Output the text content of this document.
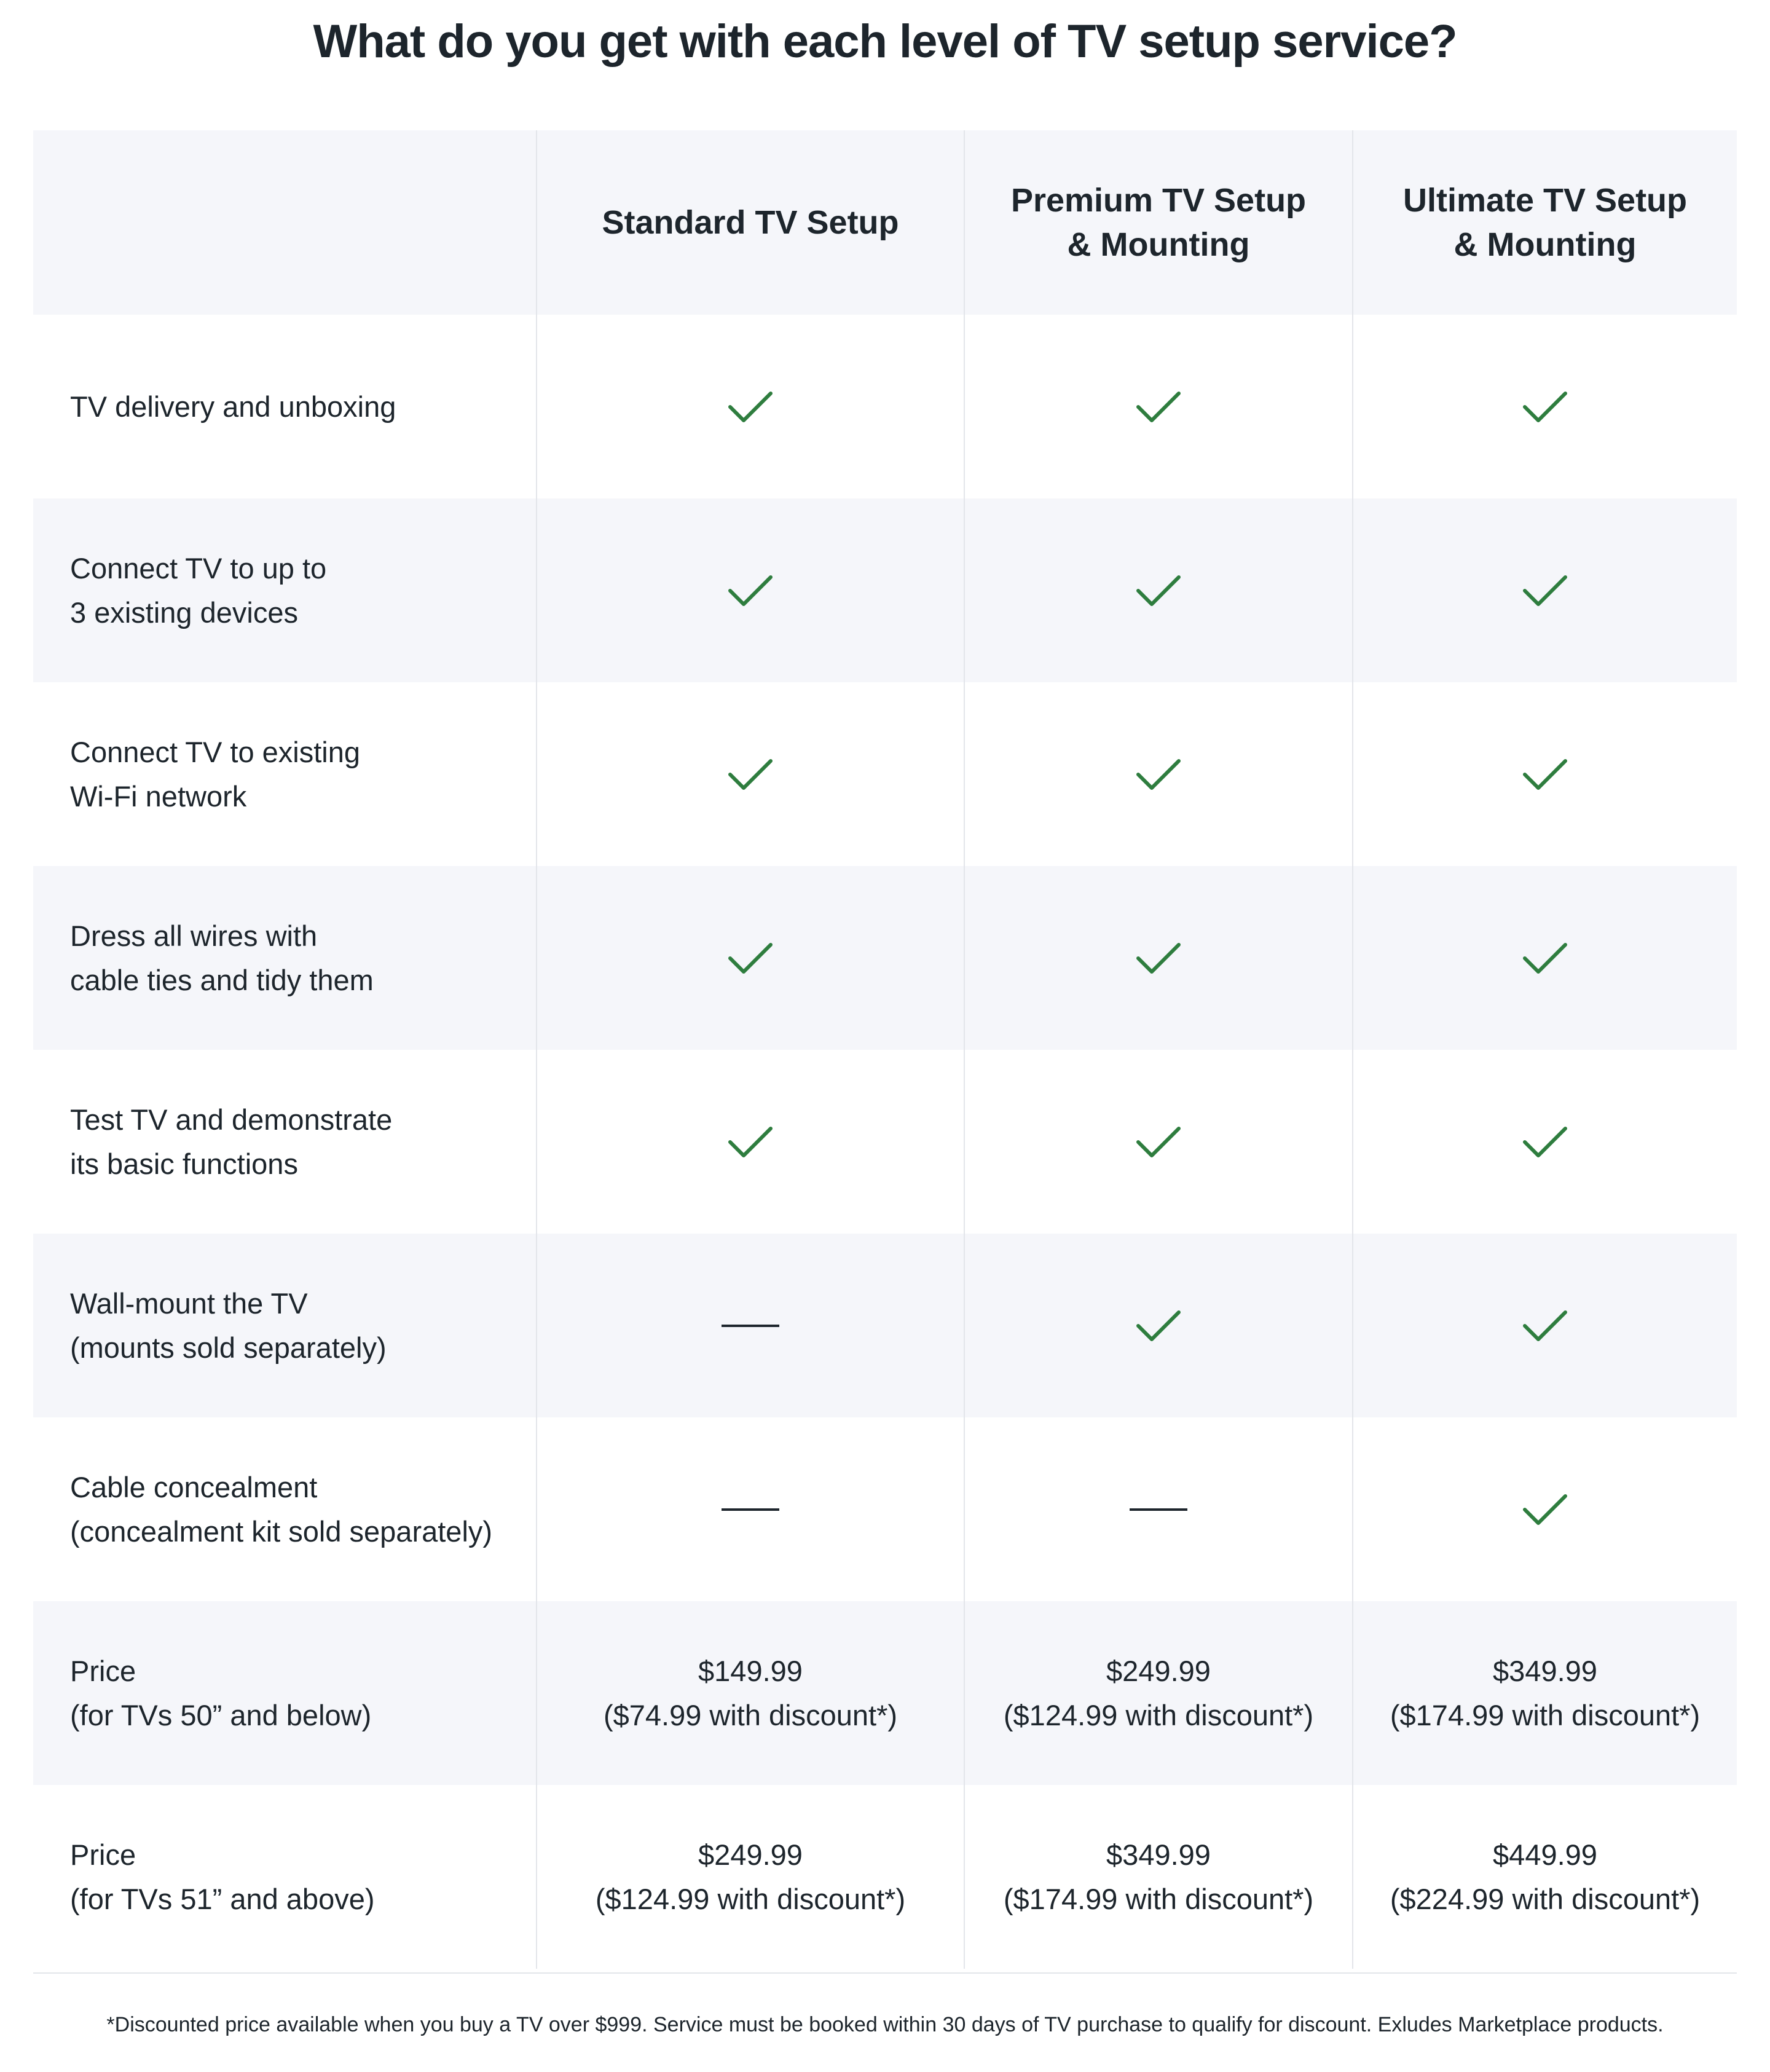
What do you get with each level of TV setup service?
Standard TV Setup
Premium TV Setup
& Mounting
Ultimate TV Setup
& Mounting
TV delivery and unboxing
Connect TV to up to
3 existing devices
Connect TV to existing
Wi-Fi network
Dress all wires with
cable ties and tidy them
Test TV and demonstrate
its basic functions
Wall-mount the TV
(mounts sold separately)
Cable concealment
(concealment kit sold separately)
Price
(for TVs 50” and below)
$149.99
($74.99 with discount*)
$249.99
($124.99 with discount*)
$349.99
($174.99 with discount*)
Price
(for TVs 51” and above)
$249.99
($124.99 with discount*)
$349.99
($174.99 with discount*)
$449.99
($224.99 with discount*)

*Discounted price available when you buy a TV over $999. Service must be booked within 30 days of TV purchase to qualify for discount. Exludes Marketplace products.
